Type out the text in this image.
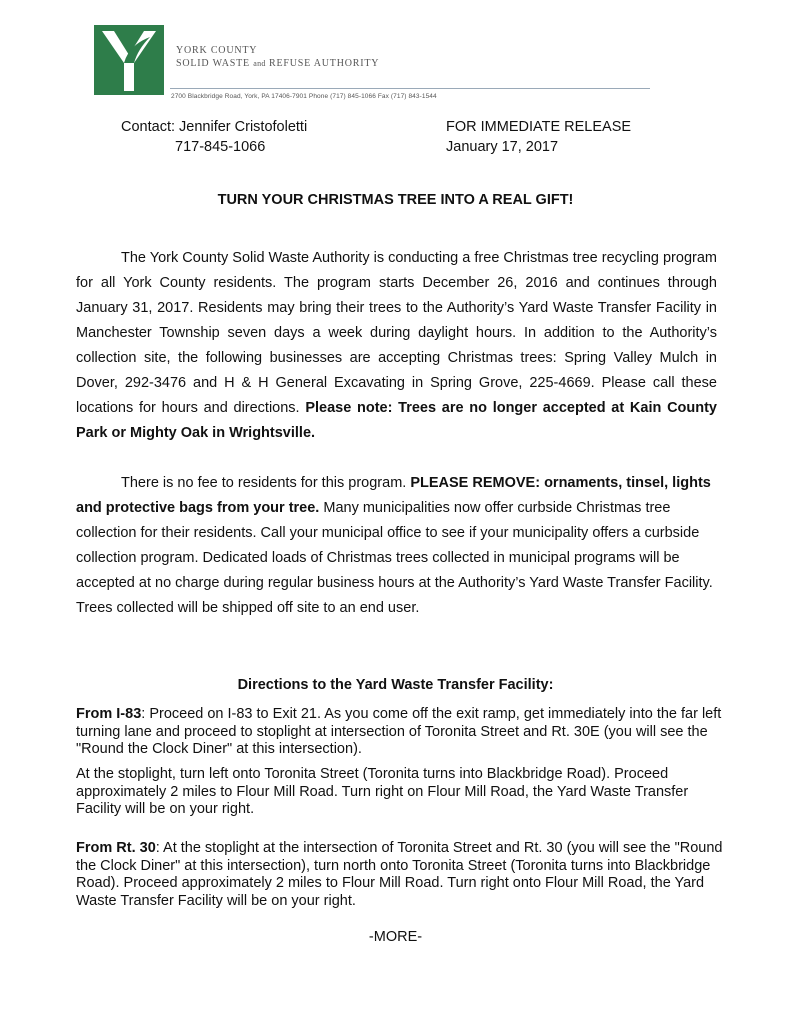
YORK COUNTY
SOLID WASTE and REFUSE AUTHORITY
2700 Blackbridge Road, York, PA 17406-7901 Phone (717) 845-1066 Fax (717) 843-1544
Contact: Jennifer Cristofoletti
717-845-1066
FOR IMMEDIATE RELEASE
January 17, 2017
TURN YOUR CHRISTMAS TREE INTO A REAL GIFT!

The York County Solid Waste Authority is conducting a free Christmas tree recycling program for all York County residents. The program starts December 26, 2016 and continues through January 31, 2017. Residents may bring their trees to the Authority’s Yard Waste Transfer Facility in Manchester Township seven days a week during daylight hours. In addition to the Authority’s collection site, the following businesses are accepting Christmas trees: Spring Valley Mulch in Dover, 292-3476 and H & H General Excavating in Spring Grove, 225-4669. Please call these locations for hours and directions. Please note: Trees are no longer accepted at Kain County Park or Mighty Oak in Wrightsville.

There is no fee to residents for this program. PLEASE REMOVE: ornaments, tinsel, lights and protective bags from your tree. Many municipalities now offer curbside Christmas tree collection for their residents. Call your municipal office to see if your municipality offers a curbside collection program. Dedicated loads of Christmas trees collected in municipal programs will be accepted at no charge during regular business hours at the Authority’s Yard Waste Transfer Facility. Trees collected will be shipped off site to an end user.

Directions to the Yard Waste Transfer Facility:

From I-83: Proceed on I-83 to Exit 21. As you come off the exit ramp, get immediately into the far left turning lane and proceed to stoplight at intersection of Toronita Street and Rt. 30E (you will see the "Round the Clock Diner" at this intersection).

At the stoplight, turn left onto Toronita Street (Toronita turns into Blackbridge Road). Proceed approximately 2 miles to Flour Mill Road. Turn right on Flour Mill Road, the Yard Waste Transfer Facility will be on your right.

From Rt. 30: At the stoplight at the intersection of Toronita Street and Rt. 30 (you will see the "Round the Clock Diner" at this intersection), turn north onto Toronita Street (Toronita turns into Blackbridge Road). Proceed approximately 2 miles to Flour Mill Road. Turn right onto Flour Mill Road, the Yard Waste Transfer Facility will be on your right.

-MORE-
